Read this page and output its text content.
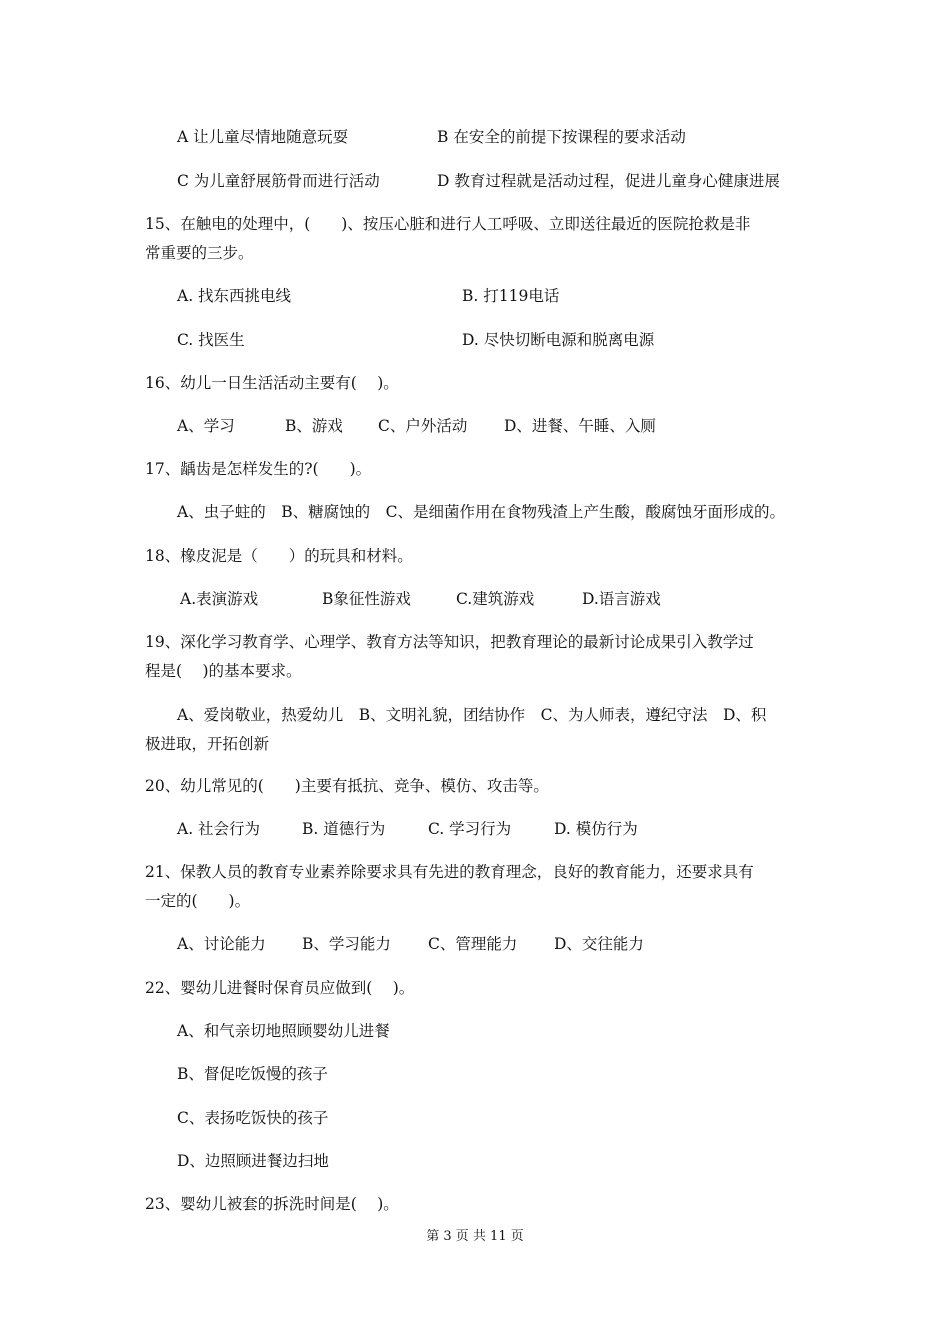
A 让儿童尽情地随意玩耍	B 在安全的前提下按课程的要求活动
C 为儿童舒展筋骨而进行活动	D 教育过程就是活动过程，促进儿童身心健康进展
15、在触电的处理中，(　　)、按压心脏和进行人工呼吸、立即送往最近的医院抢救是非
常重要的三步。
A. 找东西挑电线	B. 打119电话
C. 找医生	D. 尽快切断电源和脱离电源
16、幼儿一日生活活动主要有(　 )。
A、学习	B、游戏 C、户外活动 D、进餐、午睡、入厕
17、龋齿是怎样发生的?(　　)。
A、虫子蛀的　B、糖腐蚀的　C、是细菌作用在食物残渣上产生酸，酸腐蚀牙面形成的。
18、橡皮泥是（　　）的玩具和材料。
A.表演游戏	B象征性游戏	C.建筑游戏	D.语言游戏
19、深化学习教育学、心理学、教育方法等知识，把教育理论的最新讨论成果引入教学过
程是(　 )的基本要求。
A、爱岗敬业，热爱幼儿　B、文明礼貌，团结协作　C、为人师表，遵纪守法　D、积
极进取，开拓创新
20、幼儿常见的(　　)主要有抵抗、竞争、模仿、攻击等。
A. 社会行为	B. 道德行为	C. 学习行为	D. 模仿行为
21、保教人员的教育专业素养除要求具有先进的教育理念，良好的教育能力，还要求具有
一定的(　　)。
A、讨论能力 B、学习能力 C、管理能力 D、交往能力
22、婴幼儿进餐时保育员应做到(　 )。
A、和气亲切地照顾婴幼儿进餐
B、督促吃饭慢的孩子
C、表扬吃饭快的孩子
D、边照顾进餐边扫地
23、婴幼儿被套的拆洗时间是(　 )。
第 3 页 共 11 页
